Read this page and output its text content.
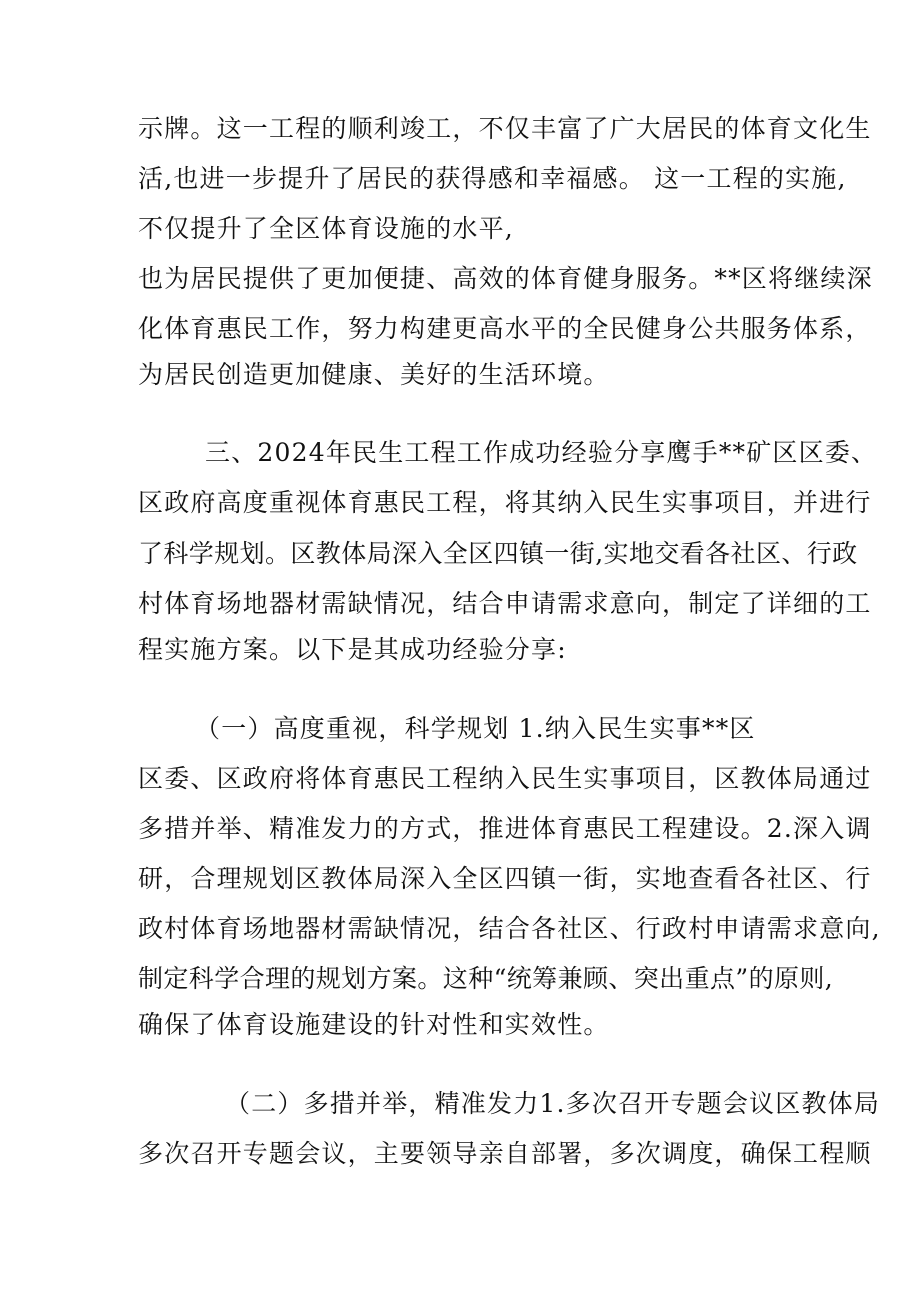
示牌。这一工程的顺利竣工，不仅丰富了广大居民的体育文化生
活,也进一步提升了居民的获得感和幸福感。 这一工程的实施,
不仅提升了全区体育设施的水平,
也为居民提供了更加便捷、高效的体育健身服务。**区将继续深
化体育惠民工作，努力构建更高水平的全民健身公共服务体系，
为居民创造更加健康、美好的生活环境。
三、2024年民生工程工作成功经验分享鹰手**矿区区委、
区政府高度重视体育惠民工程，将其纳入民生实事项目，并进行
了科学规划。区教体局深入全区四镇一街,实地交看各社区、行政
村体育场地器材需缺情况，结合申请需求意向，制定了详细的工
程实施方案。以下是其成功经验分享:
（一）高度重视，科学规划 1.纳入民生实事**区
区委、区政府将体育惠民工程纳入民生实事项目，区教体局通过
多措并举、精准发力的方式，推进体育惠民工程建设。2.深入调
研，合理规划区教体局深入全区四镇一街，实地查看各社区、行
政村体育场地器材需缺情况，结合各社区、行政村申请需求意向,
制定科学合理的规划方案。这种“统筹兼顾、突出重点”的原则,
确保了体育设施建设的针对性和实效性。
（二）多措并举，精准发力1.多次召开专题会议区教体局
多次召开专题会议，主要领导亲自部署，多次调度，确保工程顺
